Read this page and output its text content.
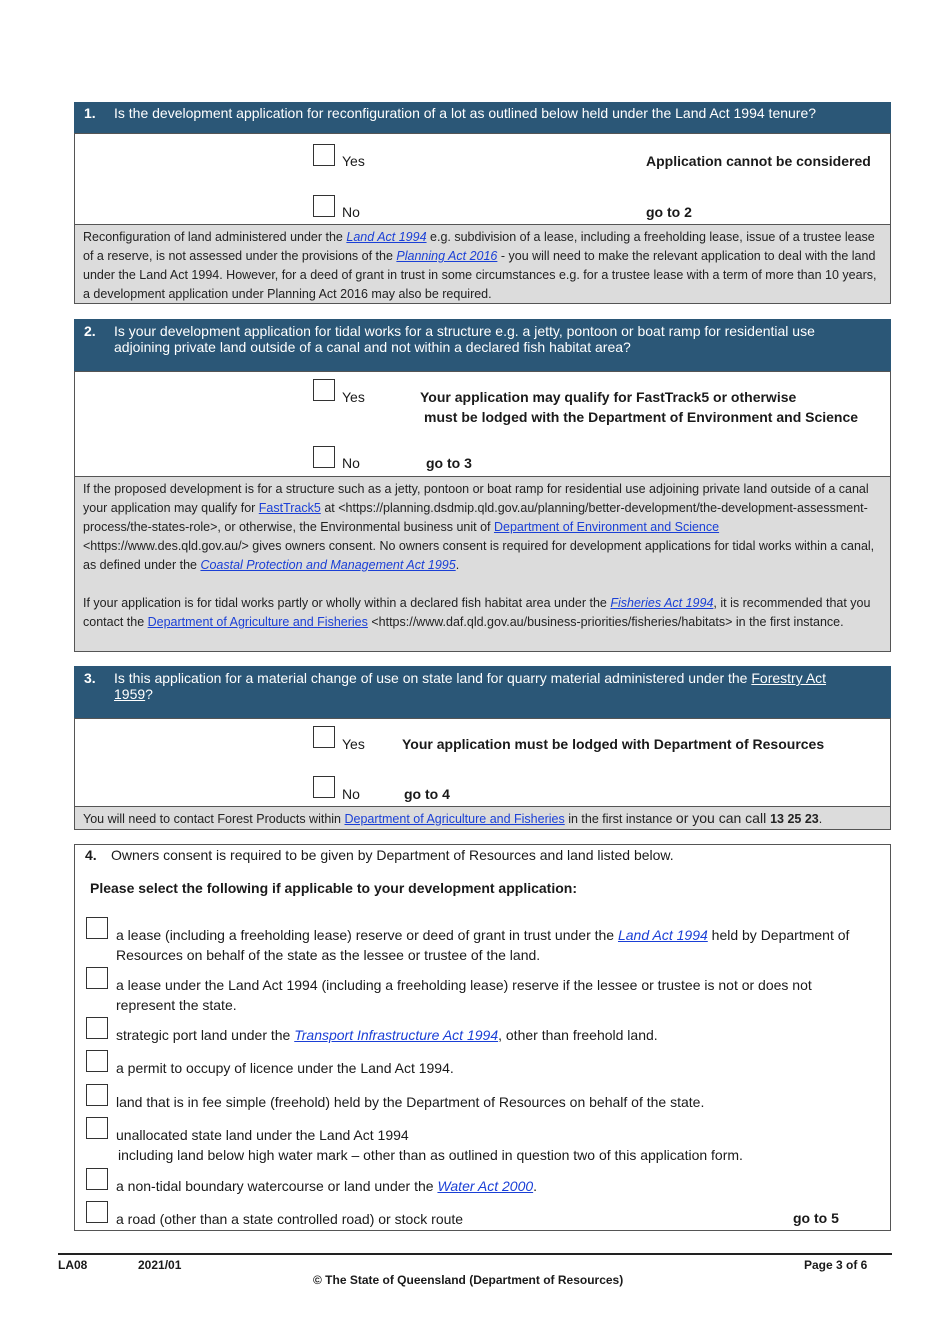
1. Is the development application for reconfiguration of a lot as outlined below held under the Land Act 1994 tenure?
Yes	Application cannot be considered
No	go to 2
Reconfiguration of land administered under the Land Act 1994 e.g. subdivision of a lease, including a freeholding lease, issue of a trustee lease of a reserve, is not assessed under the provisions of the Planning Act 2016 - you will need to make the relevant application to deal with the land under the Land Act 1994. However, for a deed of grant in trust in some circumstances e.g. for a trustee lease with a term of more than 10 years, a development application under Planning Act 2016 may also be required.
2. Is your development application for tidal works for a structure e.g. a jetty, pontoon or boat ramp for residential use adjoining private land outside of a canal and not within a declared fish habitat area?
Yes	Your application may qualify for FastTrack5 or otherwise
must be lodged with the Department of Environment and Science
No	go to 3
If the proposed development is for a structure such as a jetty, pontoon or boat ramp for residential use adjoining private land outside of a canal your application may qualify for FastTrack5 at <https://planning.dsdmip.qld.gov.au/planning/better-development/the-development-assessment-process/the-states-role>, or otherwise, the Environmental business unit of Department of Environment and Science <https://www.des.qld.gov.au/> gives owners consent. No owners consent is required for development applications for tidal works within a canal, as defined under the Coastal Protection and Management Act 1995.
If your application is for tidal works partly or wholly within a declared fish habitat area under the Fisheries Act 1994, it is recommended that you contact the Department of Agriculture and Fisheries <https://www.daf.qld.gov.au/business-priorities/fisheries/habitats> in the first instance.
3. Is this application for a material change of use on state land for quarry material administered under the Forestry Act 1959?
Yes	Your application must be lodged with Department of Resources
No	go to 4
You will need to contact Forest Products within Department of Agriculture and Fisheries in the first instance or you can call 13 25 23.
4. Owners consent is required to be given by Department of Resources and land listed below.
Please select the following if applicable to your development application:
a lease (including a freeholding lease) reserve or deed of grant in trust under the Land Act 1994 held by Department of Resources on behalf of the state as the lessee or trustee of the land.
a lease under the Land Act 1994 (including a freeholding lease) reserve if the lessee or trustee is not or does not represent the state.
strategic port land under the Transport Infrastructure Act 1994, other than freehold land.
a permit to occupy of licence under the Land Act 1994.
land that is in fee simple (freehold) held by the Department of Resources on behalf of the state.
unallocated state land under the Land Act 1994
including land below high water mark – other than as outlined in question two of this application form.
a non-tidal boundary watercourse or land under the Water Act 2000.
a road (other than a state controlled road) or stock route	go to 5
LA08	2021/01	Page 3 of 6
© The State of Queensland (Department of Resources)
